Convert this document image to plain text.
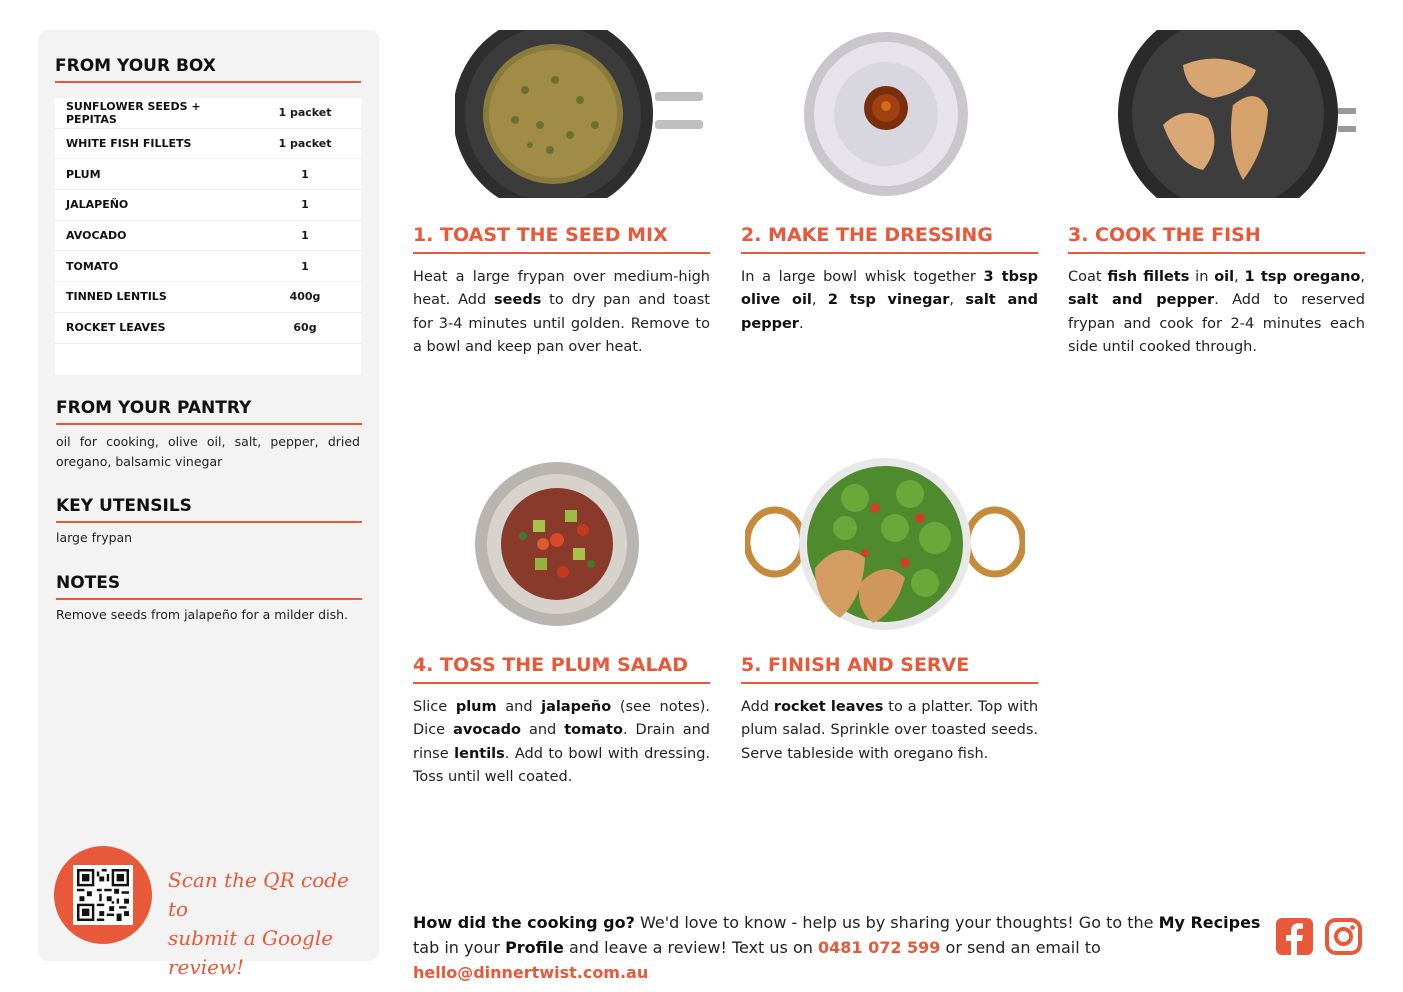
FROM YOUR BOX
SUNFLOWER SEEDS + PEPITAS	1 packet
WHITE FISH FILLETS	1 packet
PLUM	1
JALAPEÑO	1
AVOCADO	1
TOMATO	1
TINNED LENTILS	400g
ROCKET LEAVES	60g
FROM YOUR PANTRY
oil for cooking, olive oil, salt, pepper, dried oregano, balsamic vinegar
KEY UTENSILS
large frypan
NOTES
Remove seeds from jalapeño for a milder dish.
Scan the QR code to
submit a Google review!
1. TOAST THE SEED MIX
Heat a large frypan over medium-high heat. Add seeds to dry pan and toast for 3-4 minutes until golden. Remove to a bowl and keep pan over heat.
2. MAKE THE DRESSING
In a large bowl whisk together 3 tbsp olive oil, 2 tsp vinegar, salt and pepper.
3. COOK THE FISH
Coat fish fillets in oil, 1 tsp oregano, salt and pepper. Add to reserved frypan and cook for 2-4 minutes each side until cooked through.
4. TOSS THE PLUM SALAD
Slice plum and jalapeño (see notes). Dice avocado and tomato. Drain and rinse lentils. Add to bowl with dressing. Toss until well coated.
5. FINISH AND SERVE
Add rocket leaves to a platter. Top with plum salad. Sprinkle over toasted seeds. Serve tableside with oregano fish.
How did the cooking go? We'd love to know - help us by sharing your thoughts! Go to the My Recipes tab in your Profile and leave a review! Text us on 0481 072 599 or send an email to hello@dinnertwist.com.au
